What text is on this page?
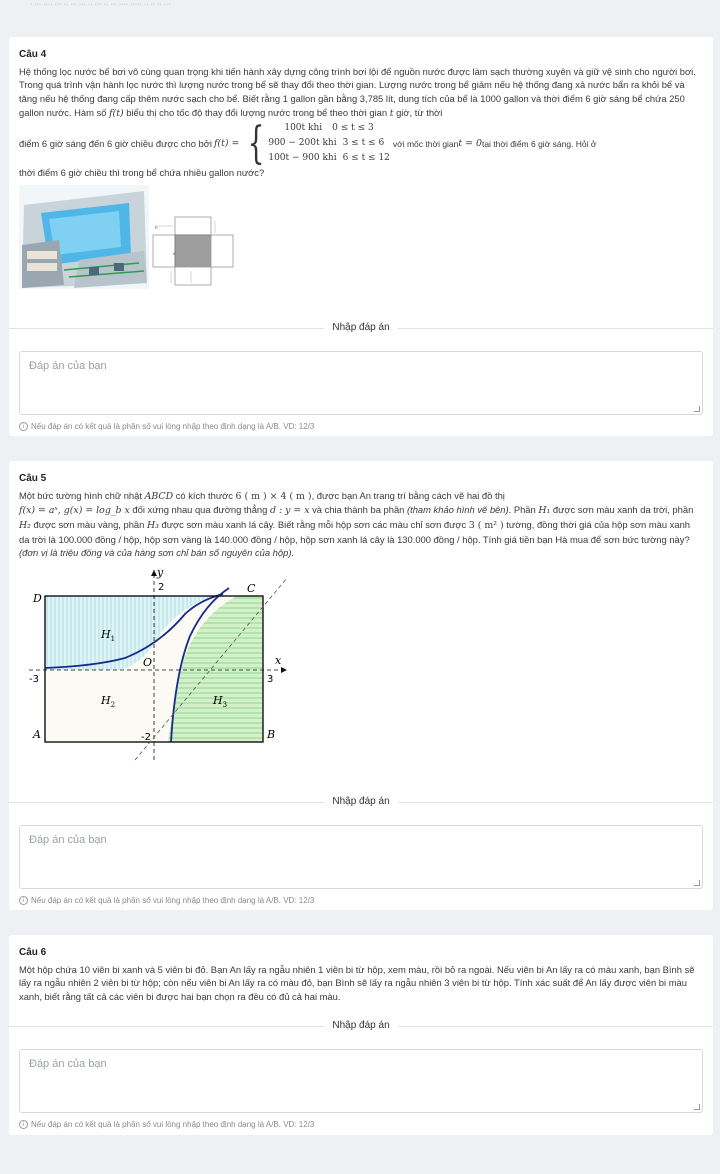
· ··· ···· ··· ·· ··· ··· ·· ··· ·· ··· ···· ····· ·· ·· ·· ···
Câu 4

Hệ thống lọc nước bể bơi vô cùng quan trọng khi tiến hành xây dựng công trình bơi lội để nguồn nước được làm sạch thường xuyên và giữ vệ sinh cho người bơi. Trong quá trình vận hành lọc nước thì lượng nước trong bể sẽ thay đổi theo thời gian. Lượng nước trong bể giảm nếu hệ thống đang xả nước bẩn ra khỏi bể và tăng nếu hệ thống đang cấp thêm nước sạch cho bể. Biết rằng 1 gallon gần bằng 3,785 lít, dung tích của bể là 1000 gallon và thời điểm 6 giờ sáng bể chứa 250 gallon nước. Hàm số f(t) biểu thị cho tốc độ thay đổi lượng nước trong bể theo thời gian t giờ, từ thời

điểm 6 giờ sáng đến 6 giờ chiều được cho bởi f(t) = {	100t khi 0 ≤ t ≤ 3
900 − 200t khi 3 ≤ t ≤ 6
100t − 900 khi 6 ≤ t ≤ 12
với mốc thời gian t = 0 tại thời điểm 6 giờ sáng. Hỏi ở

thời điểm 6 giờ chiều thì trong bể chứa nhiều gallon nước?

x
h
Nhập đáp án
Đáp án của bạn
i Nếu đáp án có kết quả là phân số vui lòng nhập theo định dạng là A/B. VD: 12/3
Câu 5

Một bức tường hình chữ nhật ABCD có kích thước 6 ( m ) × 4 ( m ), được bạn An trang trí bằng cách vẽ hai đồ thị
f(x) = aˣ, g(x) = log_b x đối xứng nhau qua đường thẳng d : y = x và chia thành ba phần (tham khảo hình vẽ bên). Phần H₁ được sơn màu xanh da trời, phần H₂ được sơn màu vàng, phần H₃ được sơn màu xanh lá cây. Biết rằng mỗi hộp sơn các màu chỉ sơn được 3 ( m² ) tường, đồng thời giá của hộp sơn màu xanh da trời là 100.000 đồng / hộp, hộp sơn vàng là 140.000 đồng / hộp, hộp sơn xanh lá cây là 130.000 đồng / hộp. Tính giá tiền bạn Hà mua để sơn bức tường này? (đơn vị là triệu đồng và của hàng sơn chỉ bán số nguyên của hộp).

y
x
D
C
A	B
O
2
-2
-3	3
$H_1$
$H_2$	$H_3$
Nhập đáp án
Đáp án của bạn
i Nếu đáp án có kết quả là phân số vui lòng nhập theo định dạng là A/B. VD: 12/3
Câu 6

Một hộp chứa 10 viên bi xanh và 5 viên bi đỏ. Bạn An lấy ra ngẫu nhiên 1 viên bi từ hộp, xem màu, rồi bỏ ra ngoài. Nếu viên bi An lấy ra có màu xanh, bạn Bình sẽ lấy ra ngẫu nhiên 2 viên bi từ hộp; còn nếu viên bi An lấy ra có màu đỏ, bạn Bình sẽ lấy ra ngẫu nhiên 3 viên bi từ hộp. Tính xác suất để An lấy được viên bi màu xanh, biết rằng tất cả các viên bi được hai bạn chọn ra đều có đủ cả hai màu.

Nhập đáp án
Đáp án của bạn
i Nếu đáp án có kết quả là phân số vui lòng nhập theo định dạng là A/B. VD: 12/3
